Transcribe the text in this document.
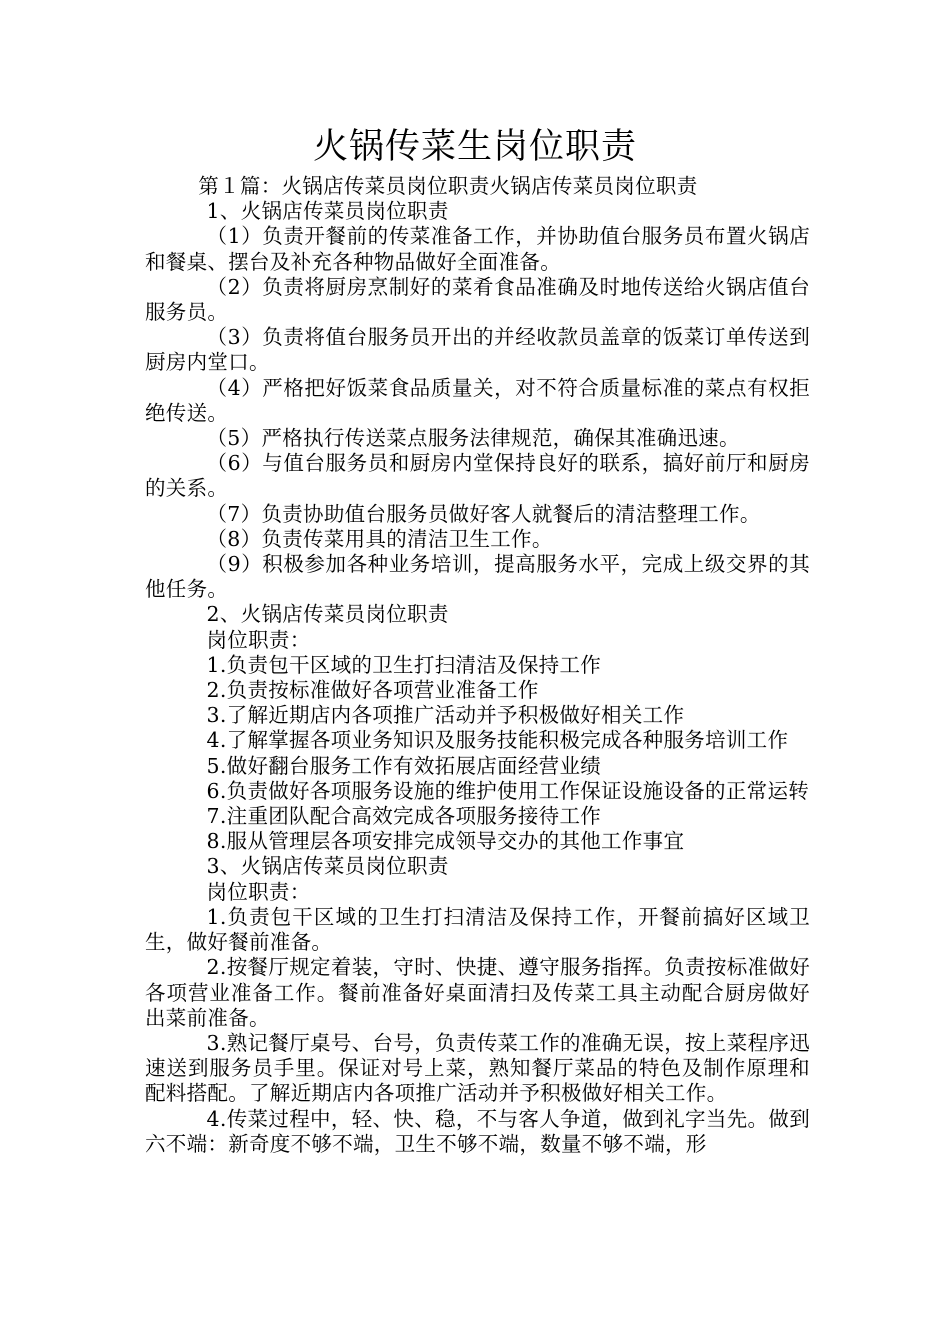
火锅传菜生岗位职责

第１篇：火锅店传菜员岗位职责火锅店传菜员岗位职责

1、火锅店传菜员岗位职责

（1）负责开餐前的传菜准备工作，并协助值台服务员布置火锅店和餐桌、摆台及补充各种物品做好全面准备。

（2）负责将厨房烹制好的菜肴食品准确及时地传送给火锅店值台服务员。

（3）负责将值台服务员开出的并经收款员盖章的饭菜订单传送到厨房内堂口。

（4）严格把好饭菜食品质量关，对不符合质量标准的菜点有权拒绝传送。

（5）严格执行传送菜点服务法律规范，确保其准确迅速。

（6）与值台服务员和厨房内堂保持良好的联系，搞好前厅和厨房的关系。

（7）负责协助值台服务员做好客人就餐后的清洁整理工作。

（8）负责传菜用具的清洁卫生工作。

（9）积极参加各种业务培训，提高服务水平，完成上级交界的其他任务。

2、火锅店传菜员岗位职责

岗位职责：

1.负责包干区域的卫生打扫清洁及保持工作

2.负责按标准做好各项营业准备工作

3.了解近期店内各项推广活动并予积极做好相关工作

4.了解掌握各项业务知识及服务技能积极完成各种服务培训工作

5.做好翻台服务工作有效拓展店面经营业绩

6.负责做好各项服务设施的维护使用工作保证设施设备的正常运转

7.注重团队配合高效完成各项服务接待工作

8.服从管理层各项安排完成领导交办的其他工作事宜

3、火锅店传菜员岗位职责

岗位职责：

1.负责包干区域的卫生打扫清洁及保持工作，开餐前搞好区域卫生，做好餐前准备。

2.按餐厅规定着装，守时、快捷、遵守服务指挥。负责按标准做好各项营业准备工作。餐前准备好桌面清扫及传菜工具主动配合厨房做好出菜前准备。

3.熟记餐厅桌号、台号，负责传菜工作的准确无误，按上菜程序迅速送到服务员手里。保证对号上菜，熟知餐厅菜品的特色及制作原理和配料搭配。了解近期店内各项推广活动并予积极做好相关工作。

4.传菜过程中，轻、快、稳，不与客人争道，做到礼字当先。做到六不端：新奇度不够不端，卫生不够不端，数量不够不端，形
